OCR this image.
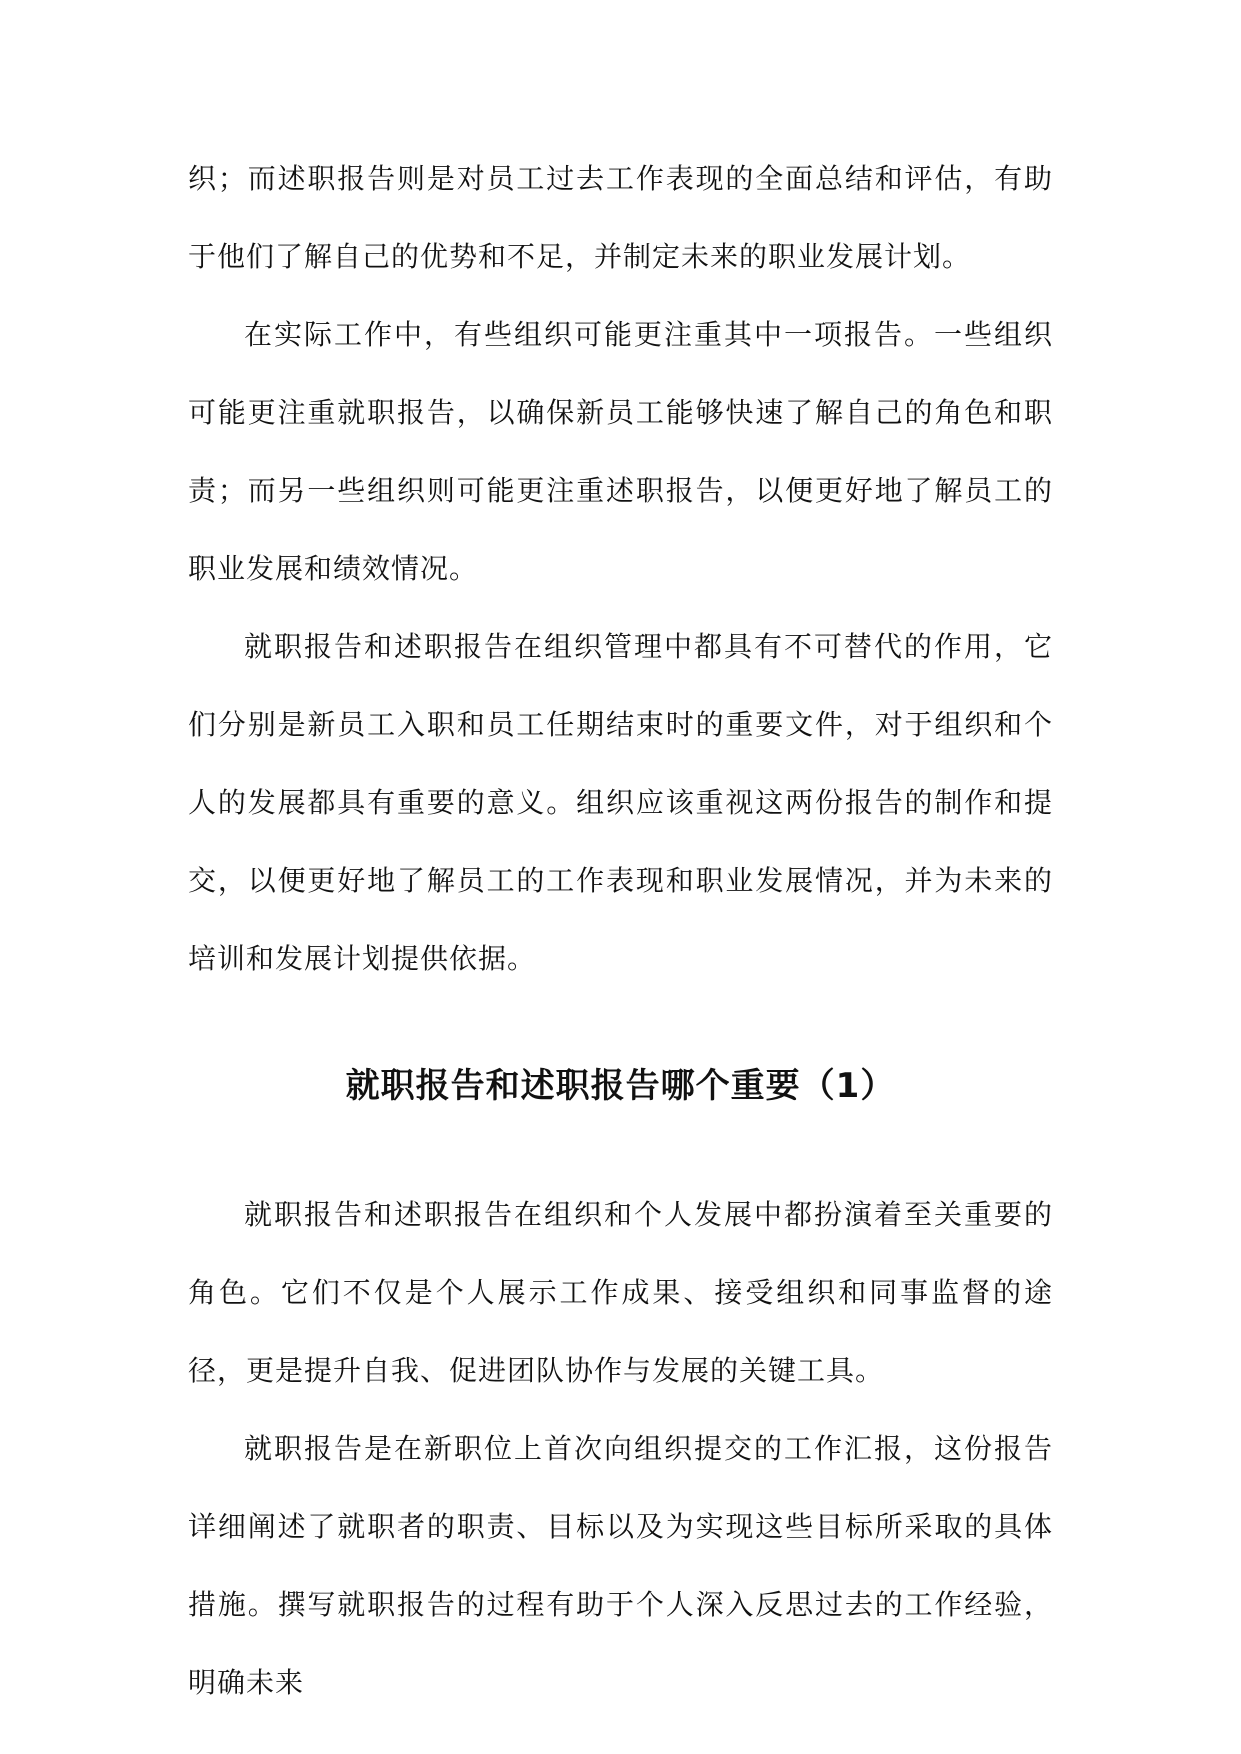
织；而述职报告则是对员工过去工作表现的全面总结和评估，有助于他们了解自己的优势和不足，并制定未来的职业发展计划。

在实际工作中，有些组织可能更注重其中一项报告。一些组织可能更注重就职报告，以确保新员工能够快速了解自己的角色和职责；而另一些组织则可能更注重述职报告，以便更好地了解员工的职业发展和绩效情况。

就职报告和述职报告在组织管理中都具有不可替代的作用，它们分别是新员工入职和员工任期结束时的重要文件，对于组织和个人的发展都具有重要的意义。组织应该重视这两份报告的制作和提交，以便更好地了解员工的工作表现和职业发展情况，并为未来的培训和发展计划提供依据。

就职报告和述职报告哪个重要（1）

就职报告和述职报告在组织和个人发展中都扮演着至关重要的角色。它们不仅是个人展示工作成果、接受组织和同事监督的途径，更是提升自我、促进团队协作与发展的关键工具。

就职报告是在新职位上首次向组织提交的工作汇报，这份报告详细阐述了就职者的职责、目标以及为实现这些目标所采取的具体措施。撰写就职报告的过程有助于个人深入反思过去的工作经验，明确未来
